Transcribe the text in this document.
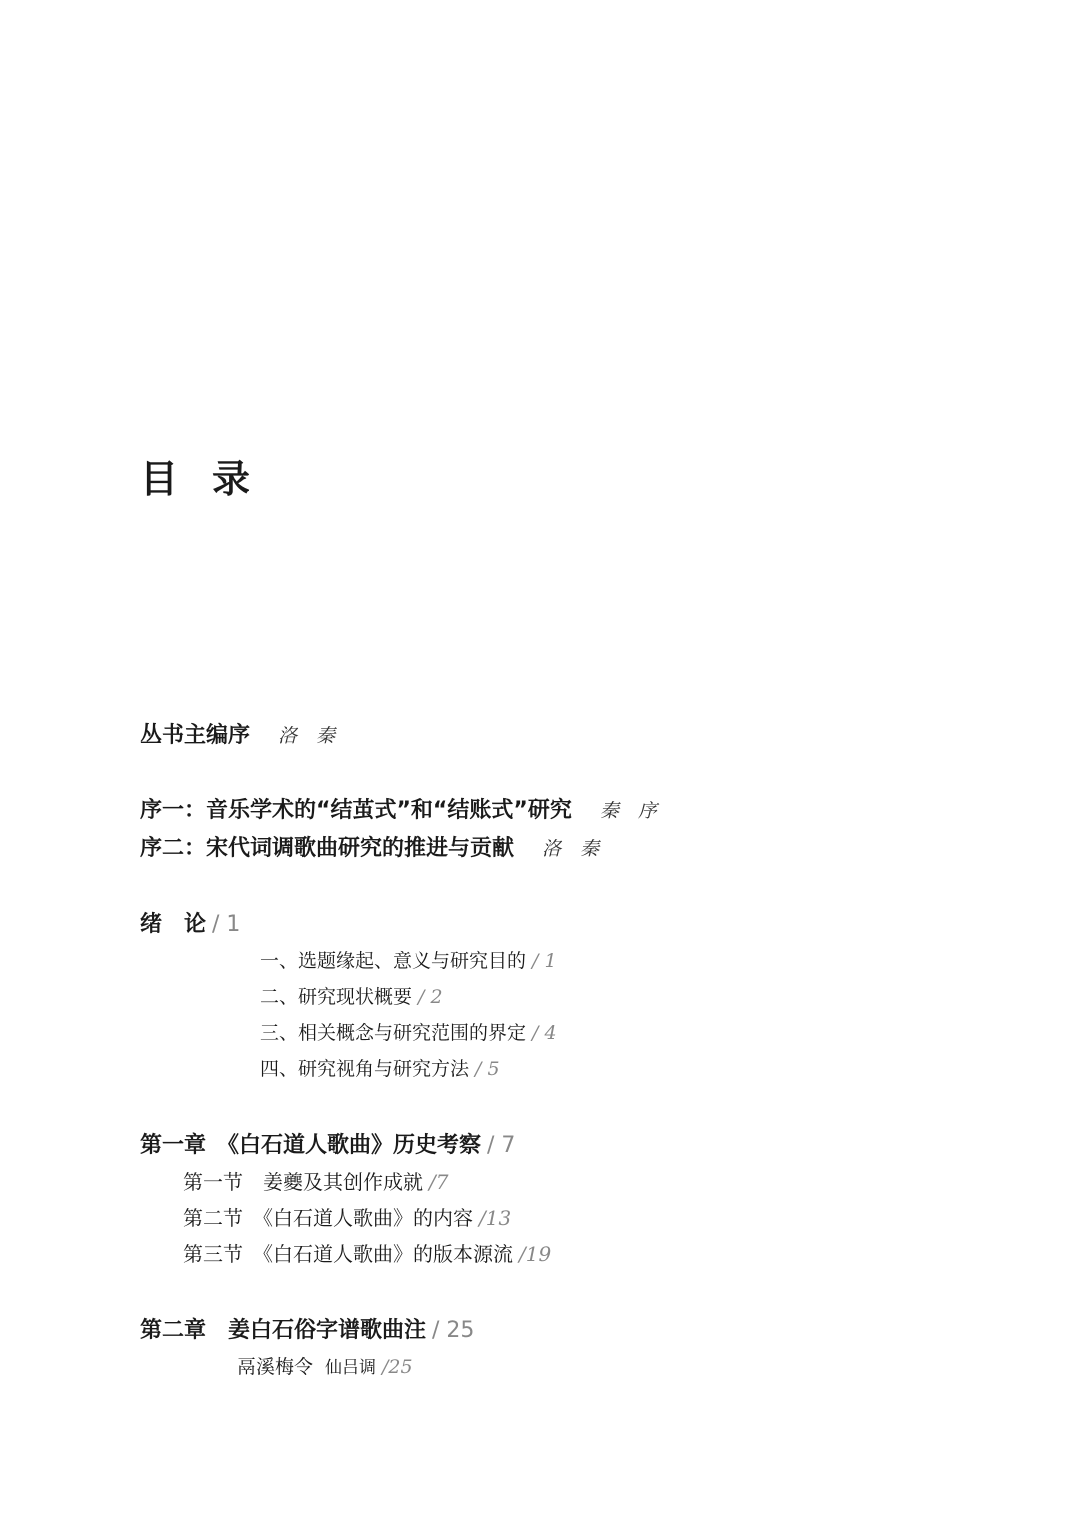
目 录
丛书主编序 洛　秦
序一：音乐学术的“结茧式”和“结账式”研究 秦　序
序二：宋代词调歌曲研究的推进与贡献 洛　秦
绪　论 / 1
一、选题缘起、意义与研究目的 / 1
二、研究现状概要 / 2
三、相关概念与研究范围的界定 / 4
四、研究视角与研究方法 / 5
第一章　《白石道人歌曲》历史考察 / 7
第一节　姜夔及其创作成就 /7
第二节　《白石道人歌曲》的内容 /13
第三节　《白石道人歌曲》的版本源流 /19
第二章　姜白石俗字谱歌曲注 / 25
鬲溪梅令 仙吕调 /25
